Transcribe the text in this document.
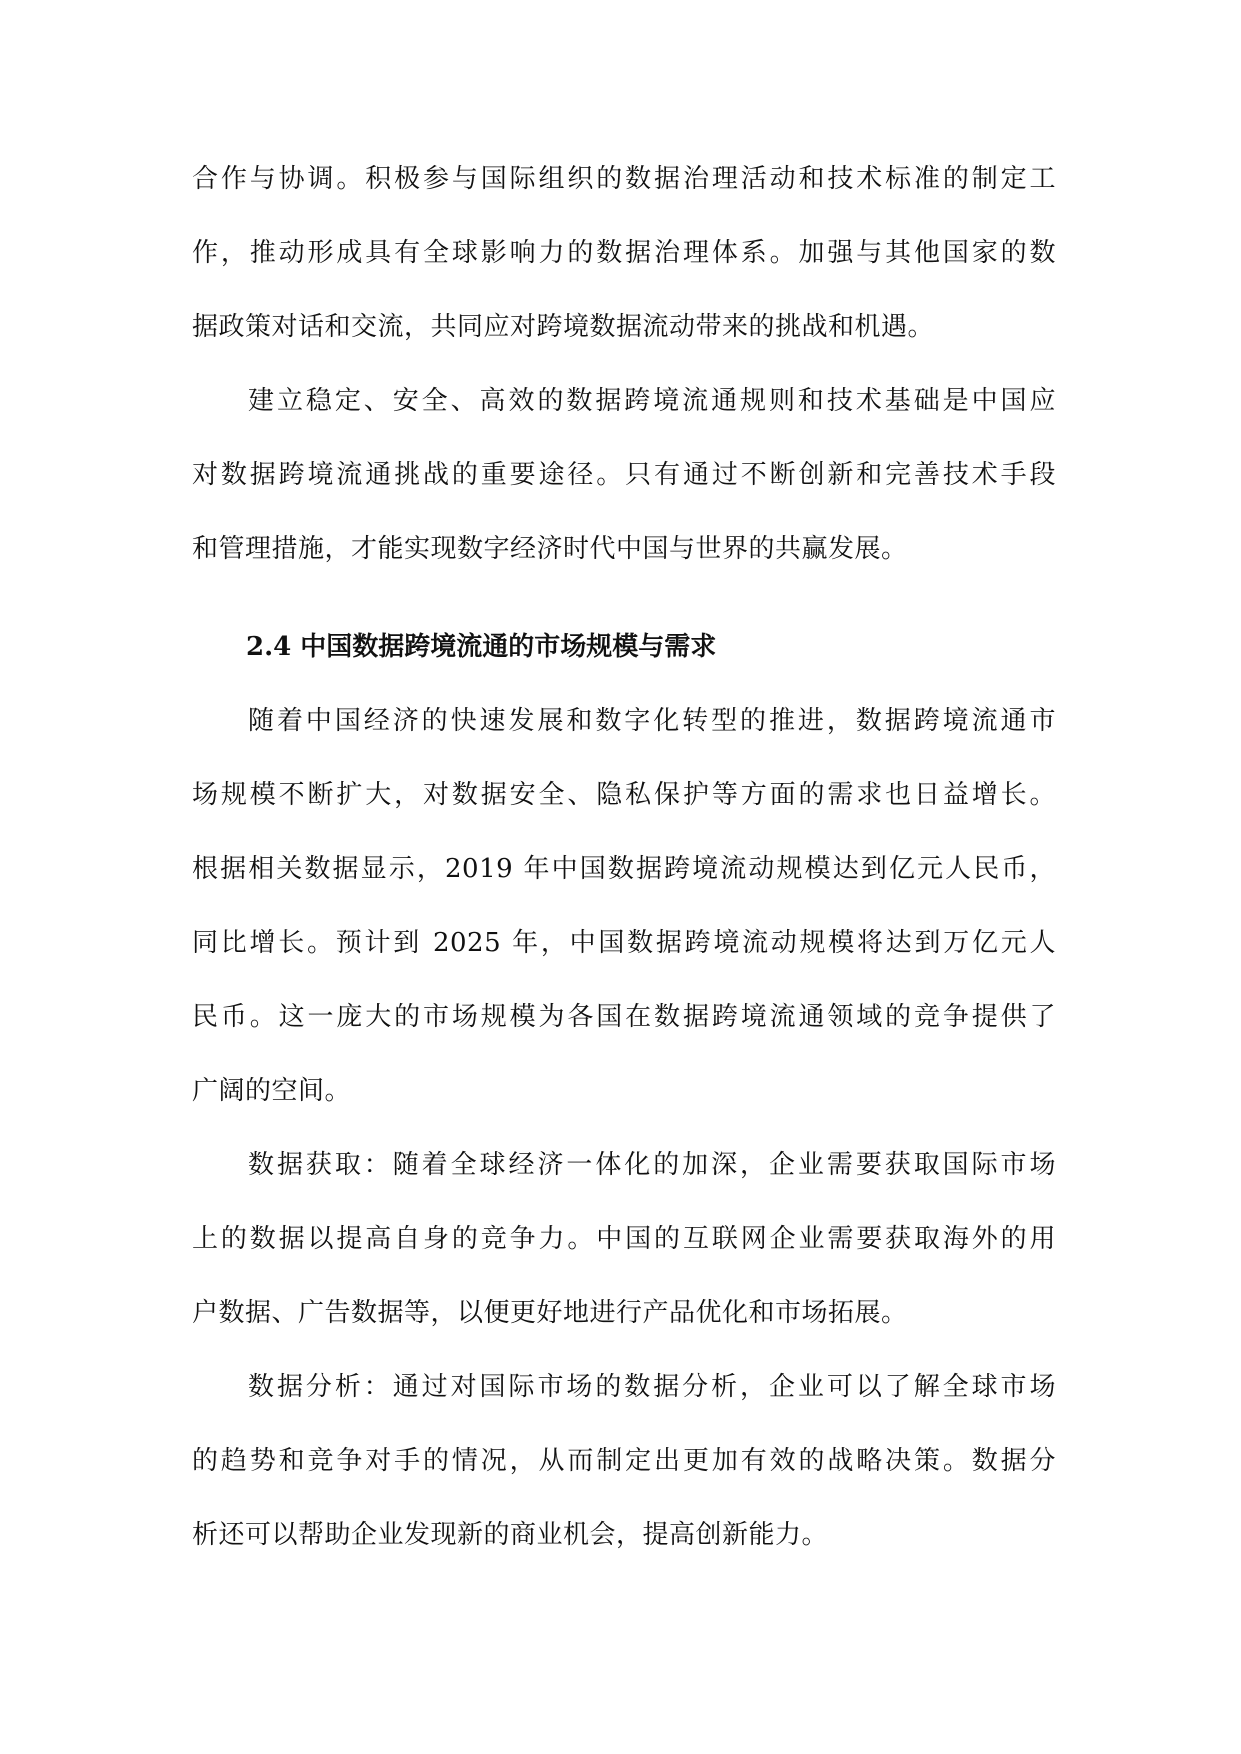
合作与协调。积极参与国际组织的数据治理活动和技术标准的制定工
作，推动形成具有全球影响力的数据治理体系。加强与其他国家的数
据政策对话和交流，共同应对跨境数据流动带来的挑战和机遇。
建立稳定、安全、高效的数据跨境流通规则和技术基础是中国应
对数据跨境流通挑战的重要途径。只有通过不断创新和完善技术手段
和管理措施，才能实现数字经济时代中国与世界的共赢发展。
2.4 中国数据跨境流通的市场规模与需求
随着中国经济的快速发展和数字化转型的推进，数据跨境流通市
场规模不断扩大，对数据安全、隐私保护等方面的需求也日益增长。
根据相关数据显示，2019 年中国数据跨境流动规模达到亿元人民币，
同比增长。预计到 2025 年，中国数据跨境流动规模将达到万亿元人
民币。这一庞大的市场规模为各国在数据跨境流通领域的竞争提供了
广阔的空间。
数据获取：随着全球经济一体化的加深，企业需要获取国际市场
上的数据以提高自身的竞争力。中国的互联网企业需要获取海外的用
户数据、广告数据等，以便更好地进行产品优化和市场拓展。
数据分析：通过对国际市场的数据分析，企业可以了解全球市场
的趋势和竞争对手的情况，从而制定出更加有效的战略决策。数据分
析还可以帮助企业发现新的商业机会，提高创新能力。
